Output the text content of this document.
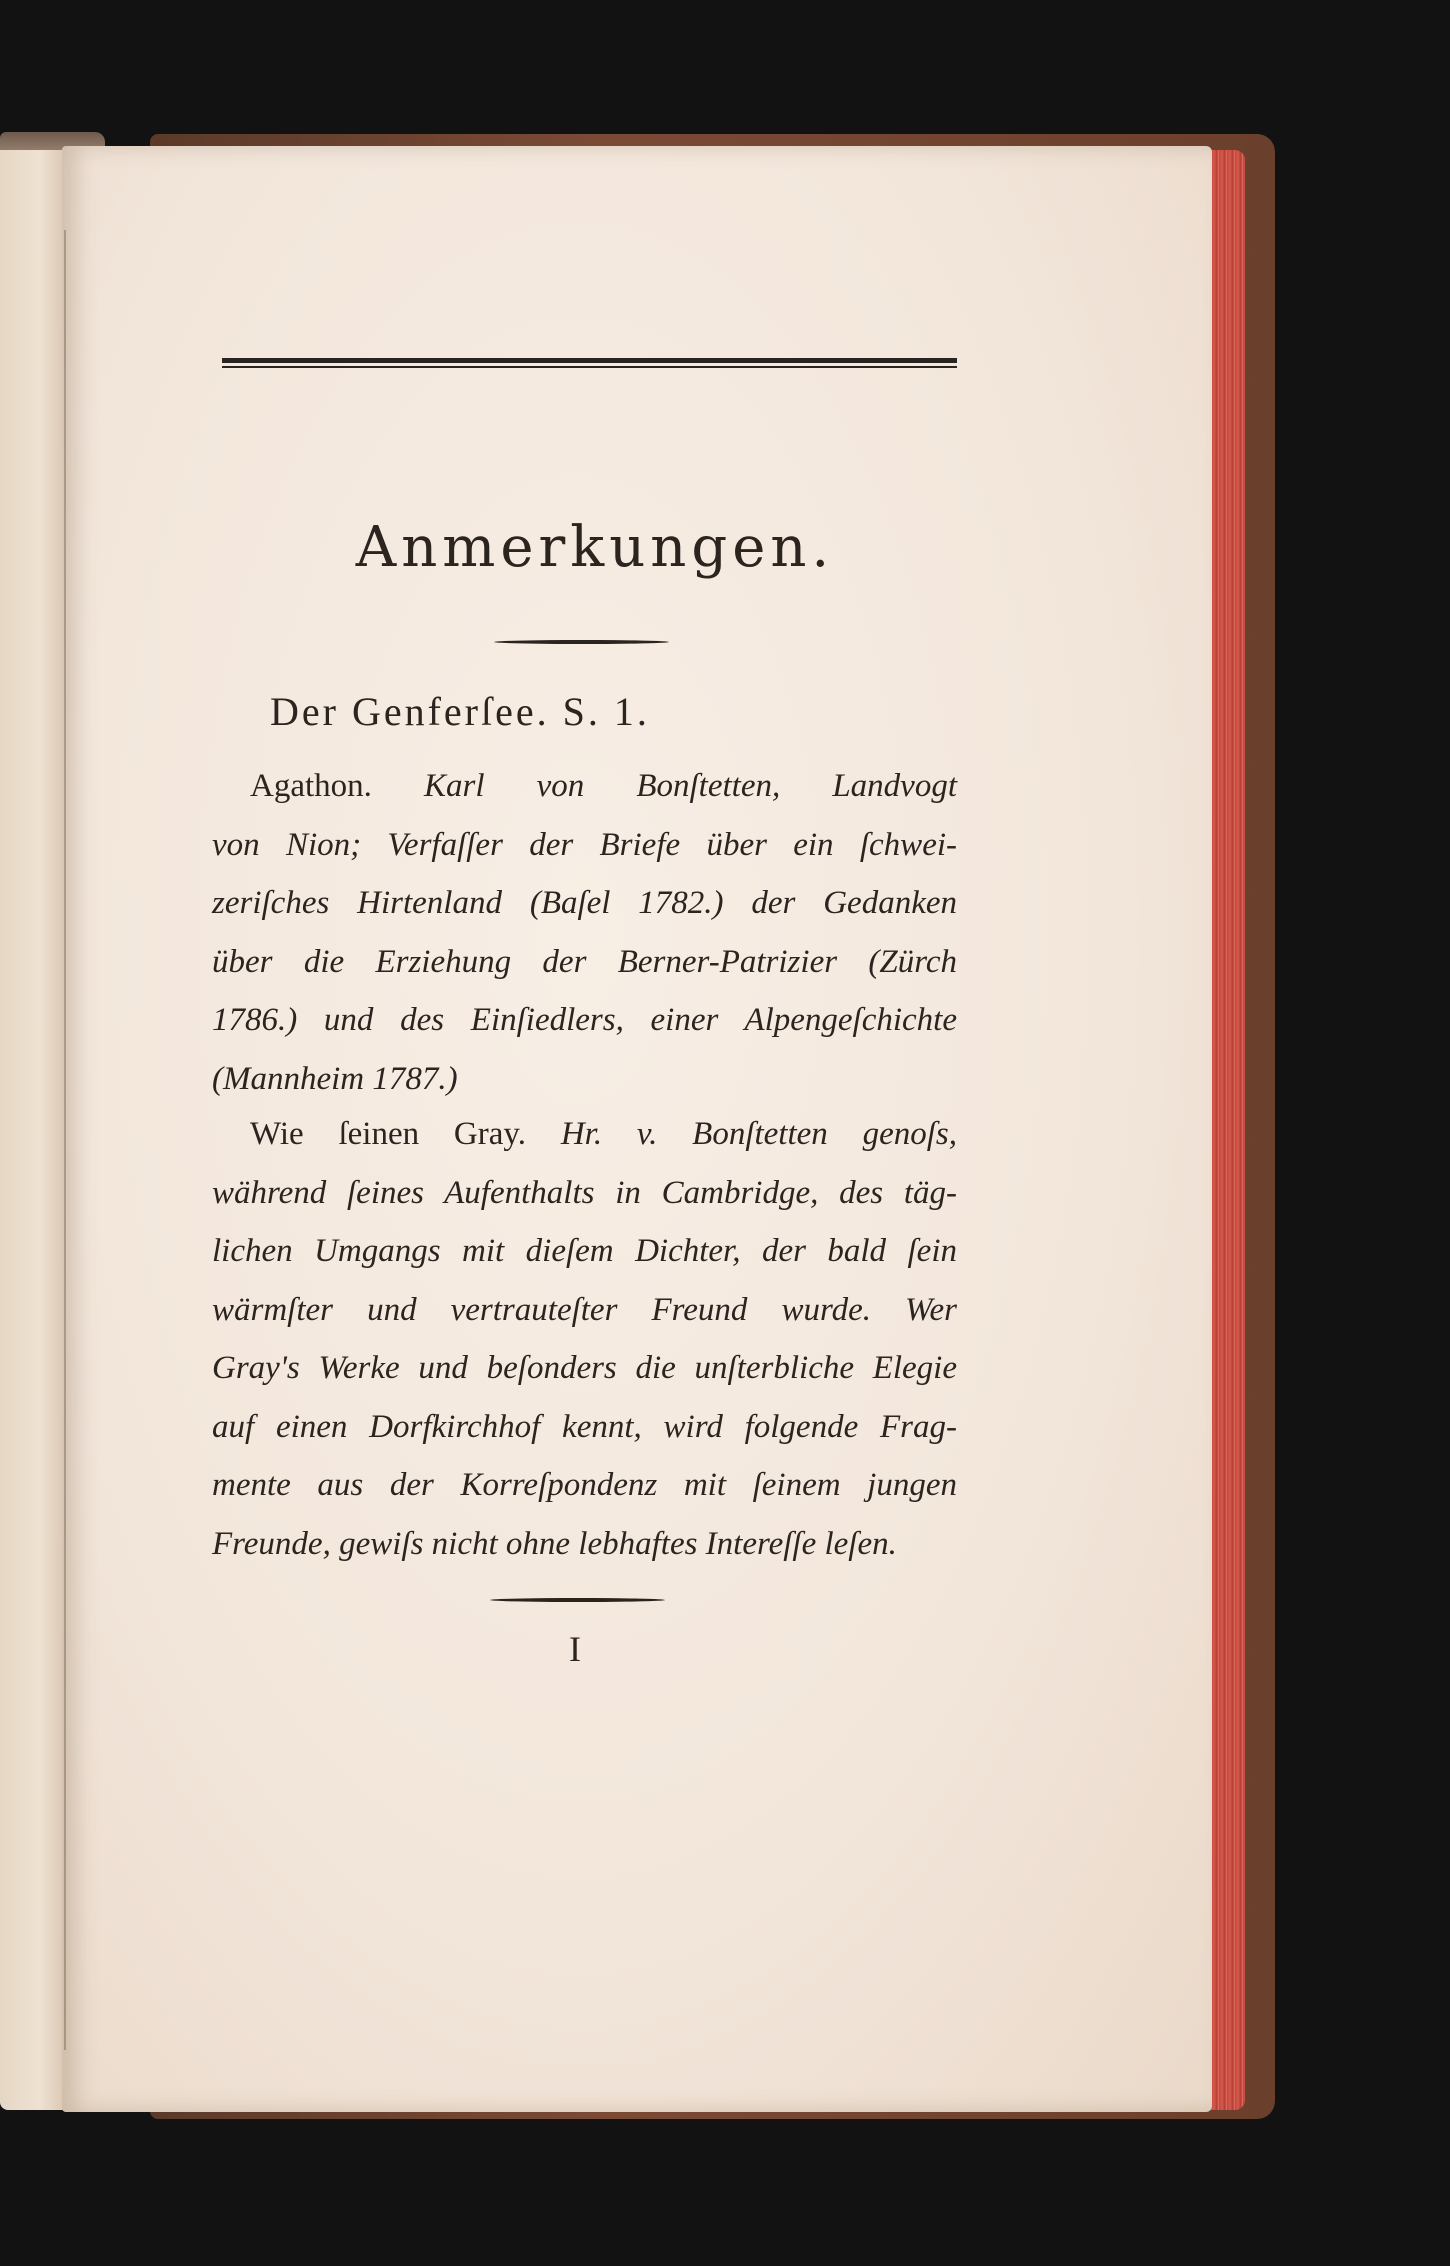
Anmerkungen.
Der Genferſee. S. 1.
Agathon. Karl von Bonſtetten, Landvogt
von Nion; Verfaſſer der Briefe über ein ſchwei-
zeriſches Hirtenland (Baſel 1782.) der Gedanken
über die Erziehung der Berner-Patrizier (Zürch
1786.) und des Einſiedlers, einer Alpengeſchichte
(Mannheim 1787.)
Wie ſeinen Gray. Hr. v. Bonſtetten genoſs,
während ſeines Aufenthalts in Cambridge, des täg-
lichen Umgangs mit dieſem Dichter, der bald ſein
wärmſter und vertrauteſter Freund wurde. Wer
Gray's Werke und beſonders die unſterbliche Elegie
auf einen Dorfkirchhof kennt, wird folgende Frag-
mente aus der Korreſpondenz mit ſeinem jungen
Freunde, gewiſs nicht ohne lebhaftes Intereſſe leſen.
I
